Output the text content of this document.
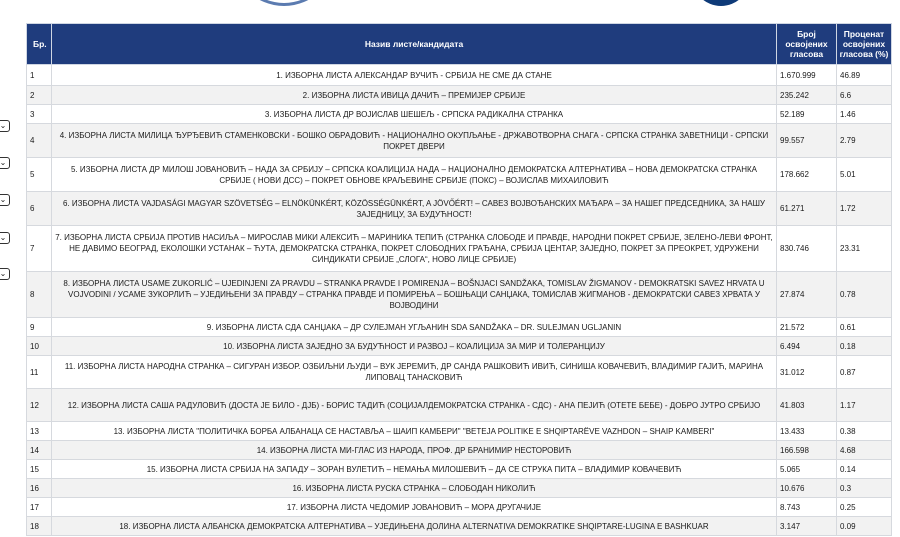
⌄
⌄
⌄
⌄
⌄
Бр.	Назив листе/кандидата	Број освојених гласова	Проценат освојених гласова (%)
1	1. ИЗБОРНА ЛИСТА АЛЕКСАНДАР ВУЧИЋ - СРБИЈА НЕ СМЕ ДА СТАНЕ	1.670.999	46.89
2	2. ИЗБОРНА ЛИСТА ИВИЦА ДАЧИЋ – ПРЕМИЈЕР СРБИЈЕ	235.242	6.6
3	3. ИЗБОРНА ЛИСТА ДР ВОЈИСЛАВ ШЕШЕЉ - СРПСКА РАДИКАЛНА СТРАНКА	52.189	1.46
4	4. ИЗБОРНА ЛИСТА МИЛИЦА ЂУРЂЕВИЋ СТАМЕНКОВСКИ - БОШКО ОБРАДОВИЋ - НАЦИОНАЛНО ОКУПЉАЊЕ - ДРЖАВОТВОРНА СНАГА - СРПСКА СТРАНКА ЗАВЕТНИЦИ - СРПСКИ ПОКРЕТ ДВЕРИ	99.557	2.79
5	5. ИЗБОРНА ЛИСТА ДР МИЛОШ ЈОВАНОВИЋ – НАДА ЗА СРБИЈУ – СРПСКА КОАЛИЦИЈА НАДА – НАЦИОНАЛНО ДЕМОКРАТСКА АЛТЕРНАТИВА – НОВА ДЕМОКРАТСКА СТРАНКА СРБИЈЕ ( НОВИ ДСС) – ПОКРЕТ ОБНОВЕ КРАЉЕВИНЕ СРБИЈЕ (ПОКС) – ВОЈИСЛАВ МИХАИЛОВИЋ	178.662	5.01
6	6. ИЗБОРНА ЛИСТА VAJDASÁGI MAGYAR SZÖVETSÉG – ELNÖKÜNKÉRT, KÖZÖSSÉGÜNKÉRT, A JÖVŐÉRT! – САВЕЗ ВОЈВОЂАНСКИХ МАЂАРА – ЗА НАШЕГ ПРЕДСЕДНИКА, ЗА НАШУ ЗАЈЕДНИЦУ, ЗА БУДУЋНОСТ!	61.271	1.72
7	7. ИЗБОРНА ЛИСТА СРБИЈА ПРОТИВ НАСИЉА – МИРОСЛАВ МИКИ АЛЕКСИЋ – МАРИНИКА ТЕПИЋ (СТРАНКА СЛОБОДЕ И ПРАВДЕ, НАРОДНИ ПОКРЕТ СРБИЈЕ, ЗЕЛЕНО-ЛЕВИ ФРОНТ, НЕ ДАВИМО БЕОГРАД, ЕКОЛОШКИ УСТАНАК – ЋУТА, ДЕМОКРАТСКА СТРАНКА, ПОКРЕТ СЛОБОДНИХ ГРАЂАНА, СРБИЈА ЦЕНТАР, ЗАЈЕДНО, ПОКРЕТ ЗА ПРЕОКРЕТ, УДРУЖЕНИ СИНДИКАТИ СРБИЈЕ „СЛОГА“, НОВО ЛИЦЕ СРБИЈЕ)	830.746	23.31
8	8. ИЗБОРНА ЛИСТА USAME ZUKORLIĆ – UJEDINJENI ZA PRAVDU – STRANKA PRAVDE I POMIRENJA – BOŠNJACI SANDŽAKA, TOMISLAV ŽIGMANOV - DEMOKRATSKI SAVEZ HRVATA U VOJVODINI / УСАМЕ ЗУКОРЛИЋ – УЈЕДИЊЕНИ ЗА ПРАВДУ – СТРАНКА ПРАВДЕ И ПОМИРЕЊА – БОШЊАЦИ САНЏАКА, ТОМИСЛАВ ЖИГМАНОВ - ДЕМОКРАТСКИ САВЕЗ ХРВАТА У ВОЈВОДИНИ	27.874	0.78
9	9. ИЗБОРНА ЛИСТА СДА САНЏАКА – ДР СУЛЕЈМАН УГЉАНИН SDA SANDŽAKA – DR. SULEJMAN UGLJANIN	21.572	0.61
10	10. ИЗБОРНА ЛИСТА ЗАЈЕДНО ЗА БУДУЋНОСТ И РАЗВОЈ – КОАЛИЦИЈА ЗА МИР И ТОЛЕРАНЦИЈУ	6.494	0.18
11	11. ИЗБОРНА ЛИСТА НАРОДНА СТРАНКА – СИГУРАН ИЗБОР. ОЗБИЉНИ ЉУДИ – ВУК ЈЕРЕМИЋ, ДР САНДА РАШКОВИЋ ИВИЋ, СИНИША КОВАЧЕВИЋ, ВЛАДИМИР ГАЈИЋ, МАРИНА ЛИПОВАЦ ТАНАСКОВИЋ	31.012	0.87
12	12. ИЗБОРНА ЛИСТА САША РАДУЛОВИЋ (ДОСТА ЈЕ БИЛО - ДЈБ) - БОРИС ТАДИЋ (СОЦИЈАЛДЕМОКРАТСКА СТРАНКА - СДС) - АНА ПЕЈИЋ (ОТЕТЕ БЕБЕ) - ДОБРО ЈУТРО СРБИЈО	41.803	1.17
13	13. ИЗБОРНА ЛИСТА "ПОЛИТИЧКА БОРБА АЛБАНАЦА СЕ НАСТАВЉА – ШАИП КАМБЕРИ" "BETEJA POLITIKE E SHQIPTARËVE VAZHDON – SHAIP KAMBERI"	13.433	0.38
14	14. ИЗБОРНА ЛИСТА МИ-ГЛАС ИЗ НАРОДА, ПРОФ. ДР БРАНИМИР НЕСТОРОВИЋ	166.598	4.68
15	15. ИЗБОРНА ЛИСТА СРБИЈА НА ЗАПАДУ – ЗОРАН ВУЛЕТИЋ – НЕМАЊА МИЛОШЕВИЋ – ДА СЕ СТРУКА ПИТА – ВЛАДИМИР КОВАЧЕВИЋ	5.065	0.14
16	16. ИЗБОРНА ЛИСТА РУСКА СТРАНКА – СЛОБОДАН НИКОЛИЋ	10.676	0.3
17	17. ИЗБОРНА ЛИСТА ЧЕДОМИР ЈОВАНОВИЋ – МОРА ДРУГАЧИЈЕ	8.743	0.25
18	18. ИЗБОРНА ЛИСТА АЛБАНСКА ДЕМОКРАТСКА АЛТЕРНАТИВА – УЈЕДИЊЕНА ДОЛИНА ALTERNATIVA DEMOKRATIKE SHQIPTARE-LUGINA E BASHKUAR	3.147	0.09
